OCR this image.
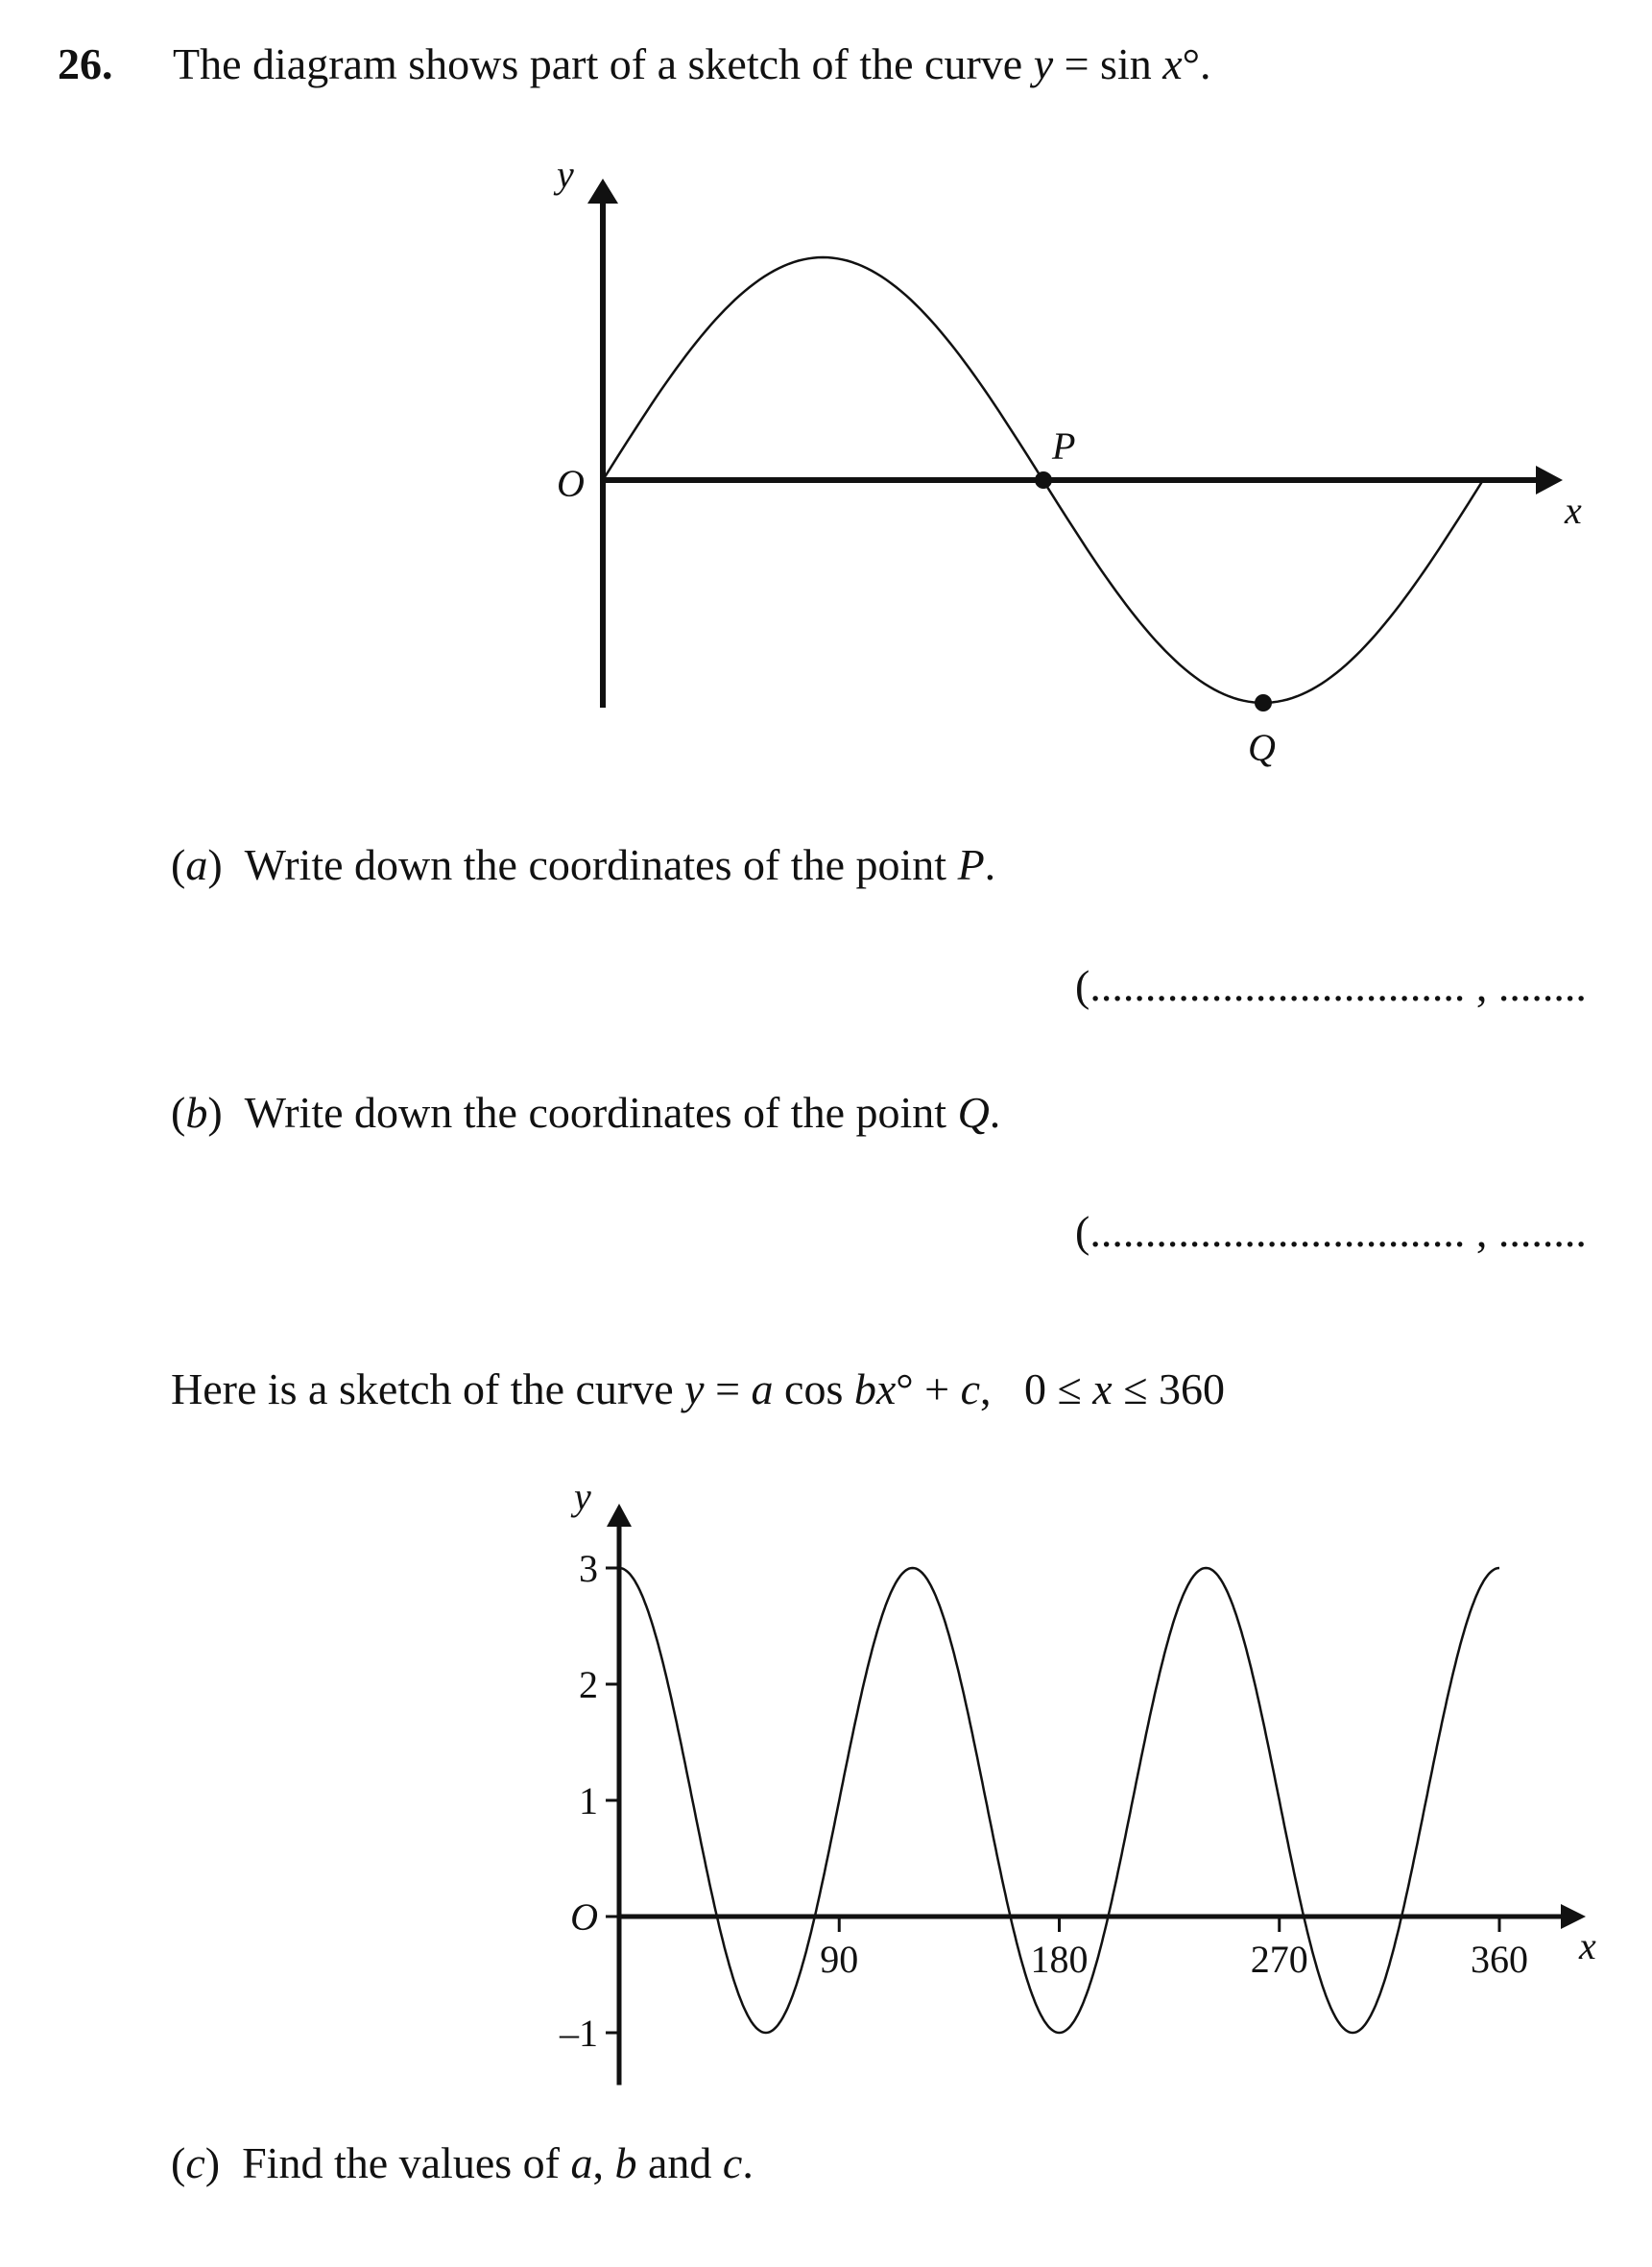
26. The diagram shows part of a sketch of the curve y = sin x°.
y
x
O
P
Q
(a) Write down the coordinates of the point P.
(.................................. , ........
(b) Write down the coordinates of the point Q.
(.................................. , ........
Here is a sketch of the curve y = a cos bx° + c, 0 ≤ x ≤ 360
–1
O
1
2
3
90	180	270	360
y
x
(c) Find the values of a, b and c.
